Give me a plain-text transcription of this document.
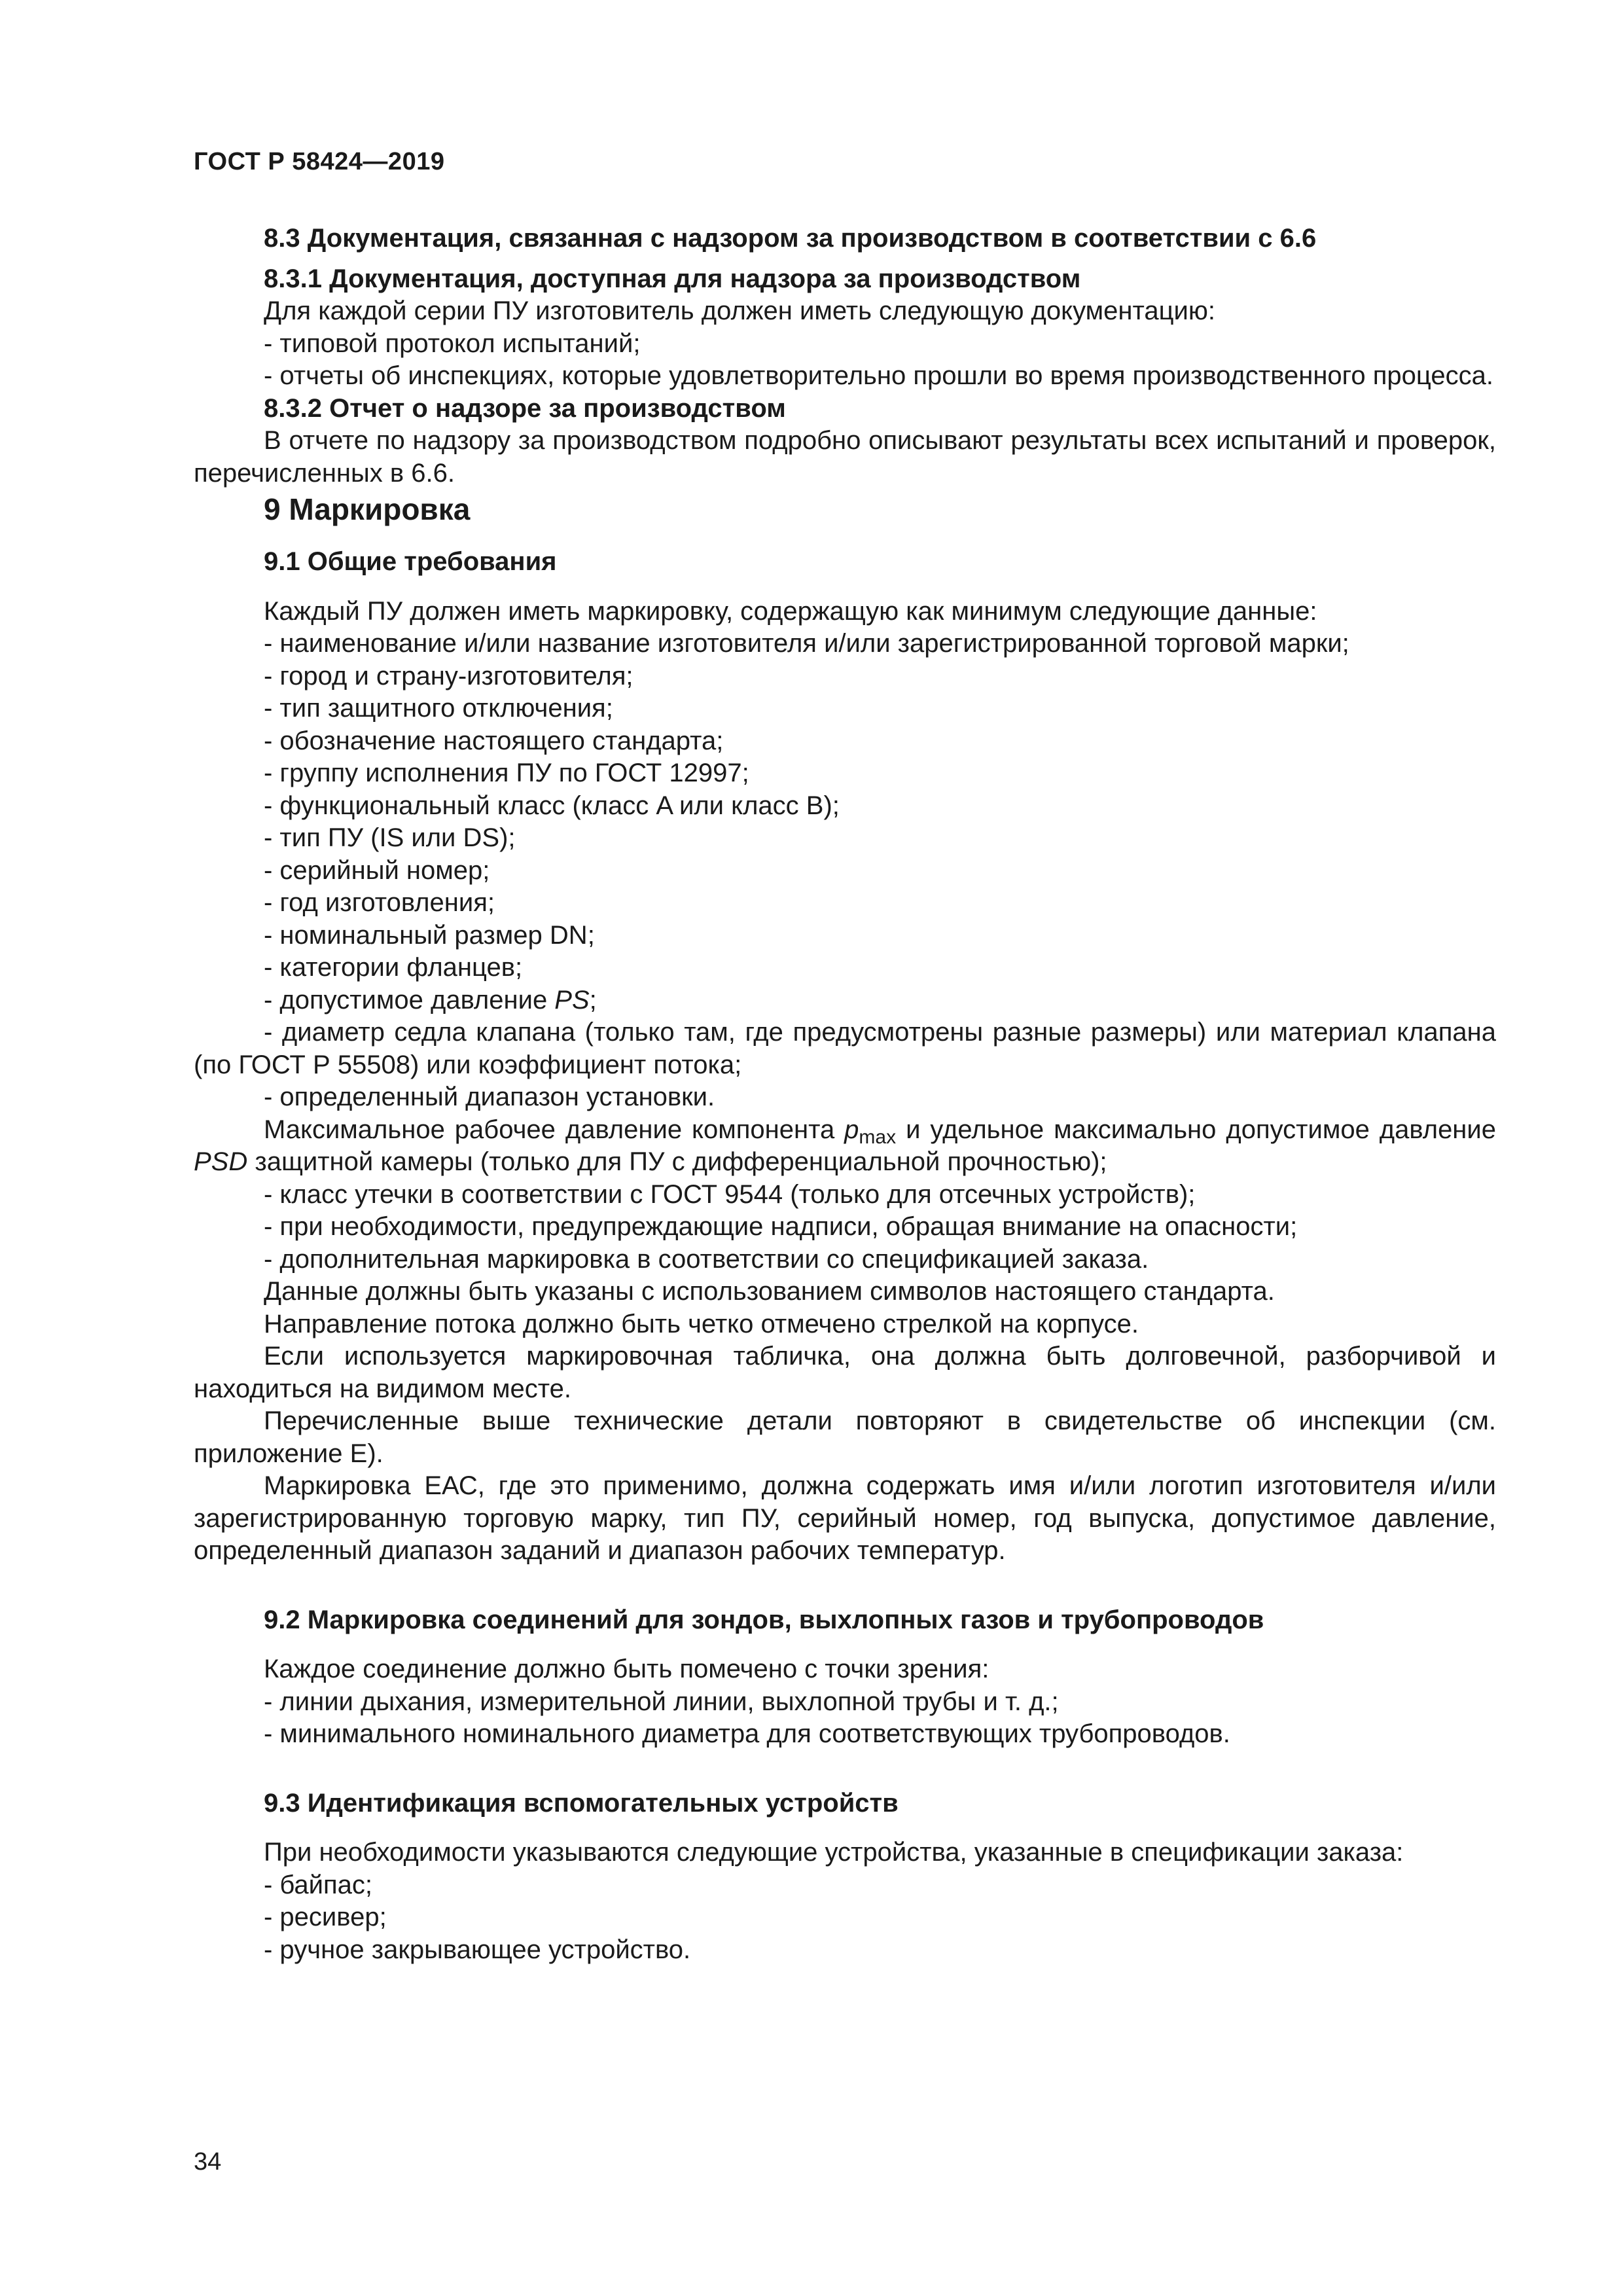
ГОСТ Р 58424—2019

8.3 Документация, связанная с надзором за производством в соответствии с 6.6

8.3.1 Документация, доступная для надзора за производством

Для каждой серии ПУ изготовитель должен иметь следующую документацию:

- типовой протокол испытаний;

- отчеты об инспекциях, которые удовлетворительно прошли во время производственного процесса.

8.3.2 Отчет о надзоре за производством

В отчете по надзору за производством подробно описывают результаты всех испытаний и проверок, перечисленных в 6.6.

9 Маркировка

9.1 Общие требования

Каждый ПУ должен иметь маркировку, содержащую как минимум следующие данные:

- наименование и/или название изготовителя и/или зарегистрированной торговой марки;

- город и страну-изготовителя;

- тип защитного отключения;

- обозначение настоящего стандарта;

- группу исполнения ПУ по ГОСТ 12997;

- функциональный класс (класс A или класс B);

- тип ПУ (IS или DS);

- серийный номер;

- год изготовления;

- номинальный размер DN;

- категории фланцев;

- допустимое давление PS;

- диаметр седла клапана (только там, где предусмотрены разные размеры) или материал клапана (по ГОСТ Р 55508) или коэффициент потока;

- определенный диапазон установки.

Максимальное рабочее давление компонента $p_{max}$ и удельное максимально допустимое давление PSD защитной камеры (только для ПУ с дифференциальной прочностью);

- класс утечки в соответствии с ГОСТ 9544 (только для отсечных устройств);

- при необходимости, предупреждающие надписи, обращая внимание на опасности;

- дополнительная маркировка в соответствии со спецификацией заказа.

Данные должны быть указаны с использованием символов настоящего стандарта.

Направление потока должно быть четко отмечено стрелкой на корпусе.

Если используется маркировочная табличка, она должна быть долговечной, разборчивой и находиться на видимом месте.

Перечисленные выше технические детали повторяют в свидетельстве об инспекции (см. приложение E).

Маркировка ЕАС, где это применимо, должна содержать имя и/или логотип изготовителя и/или зарегистрированную торговую марку, тип ПУ, серийный номер, год выпуска, допустимое давление, определенный диапазон заданий и диапазон рабочих температур.

9.2 Маркировка соединений для зондов, выхлопных газов и трубопроводов

Каждое соединение должно быть помечено с точки зрения:

- линии дыхания, измерительной линии, выхлопной трубы и т. д.;

- минимального номинального диаметра для соответствующих трубопроводов.

9.3 Идентификация вспомогательных устройств

При необходимости указываются следующие устройства, указанные в спецификации заказа:

- байпас;

- ресивер;

- ручное закрывающее устройство.

34
